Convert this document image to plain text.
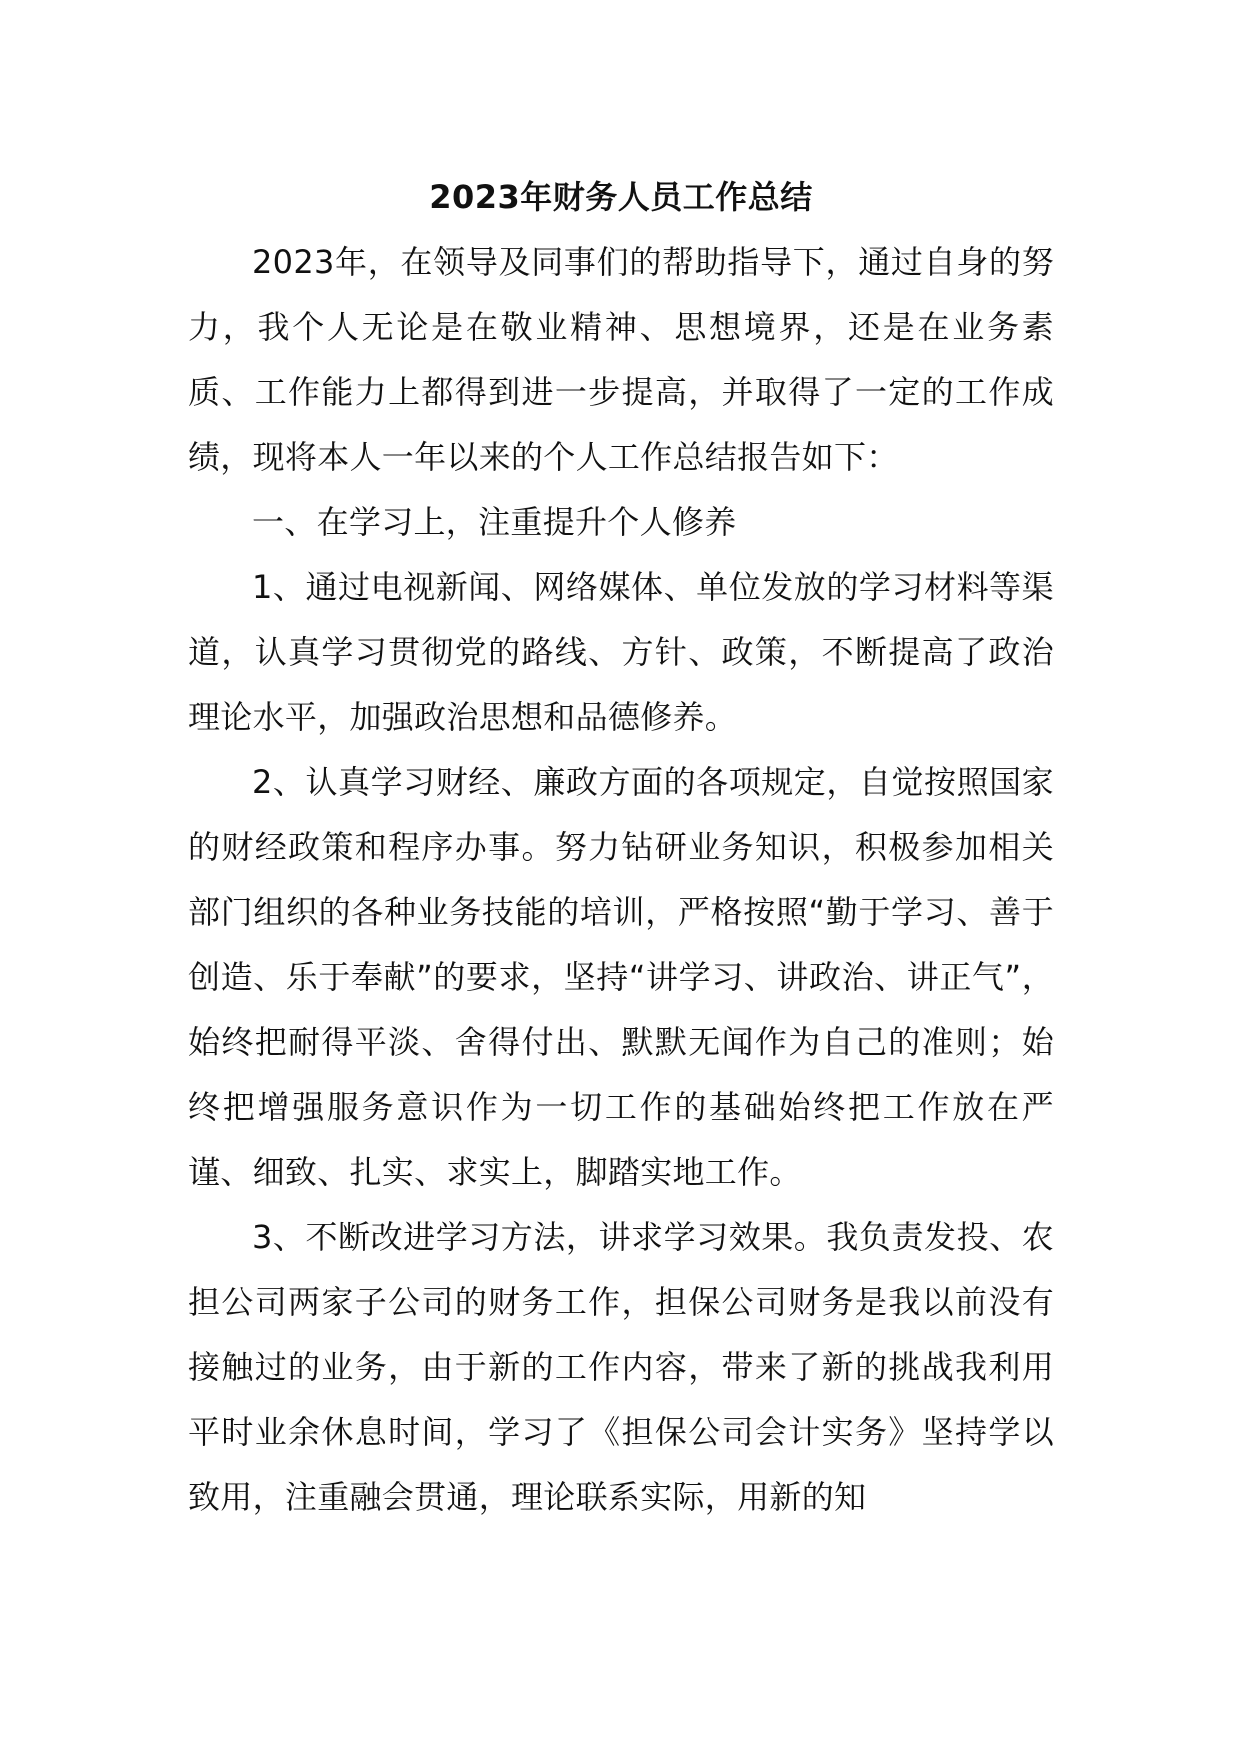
2023年财务人员工作总结

2023年，在领导及同事们的帮助指导下，通过自身的努力，我个人无论是在敬业精神、思想境界，还是在业务素质、工作能力上都得到进一步提高，并取得了一定的工作成绩，现将本人一年以来的个人工作总结报告如下：

一、在学习上，注重提升个人修养

1、通过电视新闻、网络媒体、单位发放的学习材料等渠道，认真学习贯彻党的路线、方针、政策，不断提高了政治理论水平，加强政治思想和品德修养。

2、认真学习财经、廉政方面的各项规定，自觉按照国家的财经政策和程序办事。努力钻研业务知识，积极参加相关部门组织的各种业务技能的培训，严格按照“勤于学习、善于创造、乐于奉献”的要求，坚持“讲学习、讲政治、讲正气”，始终把耐得平淡、舍得付出、默默无闻作为自己的准则；始终把增强服务意识作为一切工作的基础始终把工作放在严谨、细致、扎实、求实上，脚踏实地工作。

3、不断改进学习方法，讲求学习效果。我负责发投、农担公司两家子公司的财务工作，担保公司财务是我以前没有接触过的业务，由于新的工作内容，带来了新的挑战我利用平时业余休息时间，学习了《担保公司会计实务》坚持学以致用，注重融会贯通，理论联系实际，用新的知
